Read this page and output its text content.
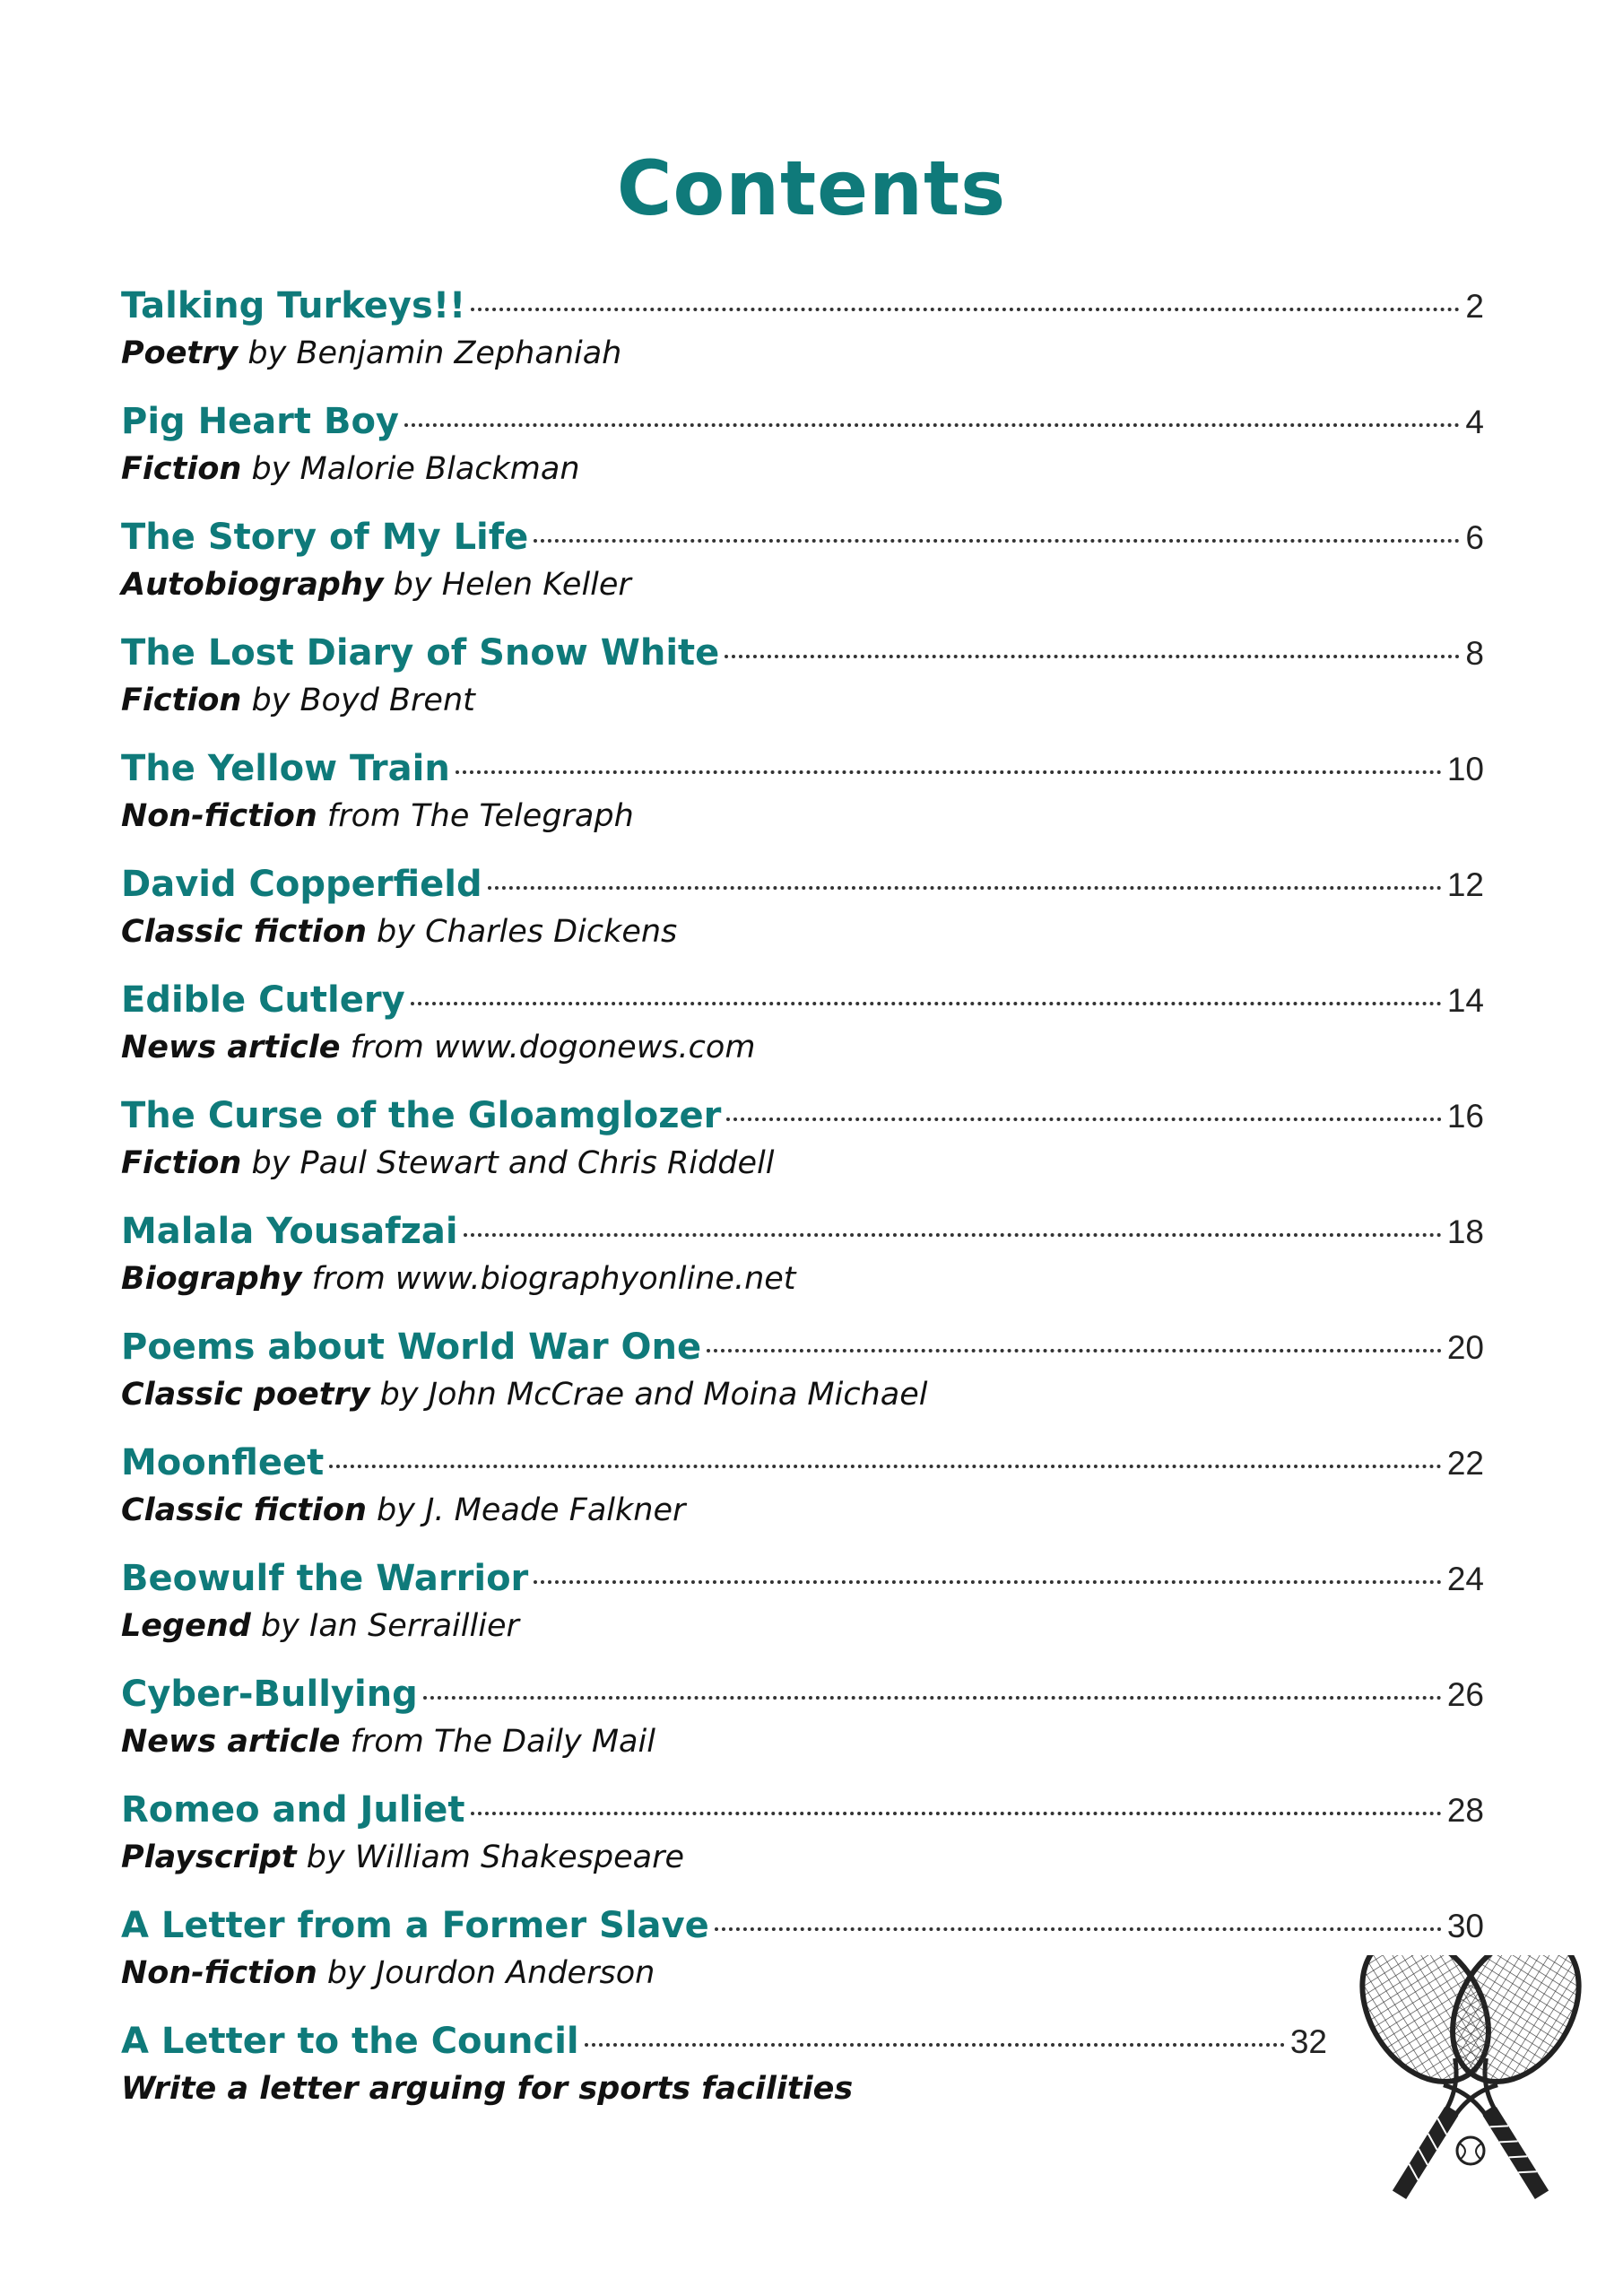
Contents
Talking Turkeys!!	2
Poetry by Benjamin Zephaniah
Pig Heart Boy	4
Fiction by Malorie Blackman
The Story of My Life	6
Autobiography by Helen Keller
The Lost Diary of Snow White	8
Fiction by Boyd Brent
The Yellow Train	10
Non-fiction from The Telegraph
David Copperfield	12
Classic fiction by Charles Dickens
Edible Cutlery	14
News article from www.dogonews.com
The Curse of the Gloamglozer	16
Fiction by Paul Stewart and Chris Riddell
Malala Yousafzai	18
Biography from www.biographyonline.net
Poems about World War One	20
Classic poetry by John McCrae and Moina Michael
Moonfleet	22
Classic fiction by J. Meade Falkner
Beowulf the Warrior	24
Legend by Ian Serraillier
Cyber-Bullying	26
News article from The Daily Mail
Romeo and Juliet	28
Playscript by William Shakespeare
A Letter from a Former Slave	30
Non-fiction by Jourdon Anderson
A Letter to the Council	32
Write a letter arguing for sports facilities
